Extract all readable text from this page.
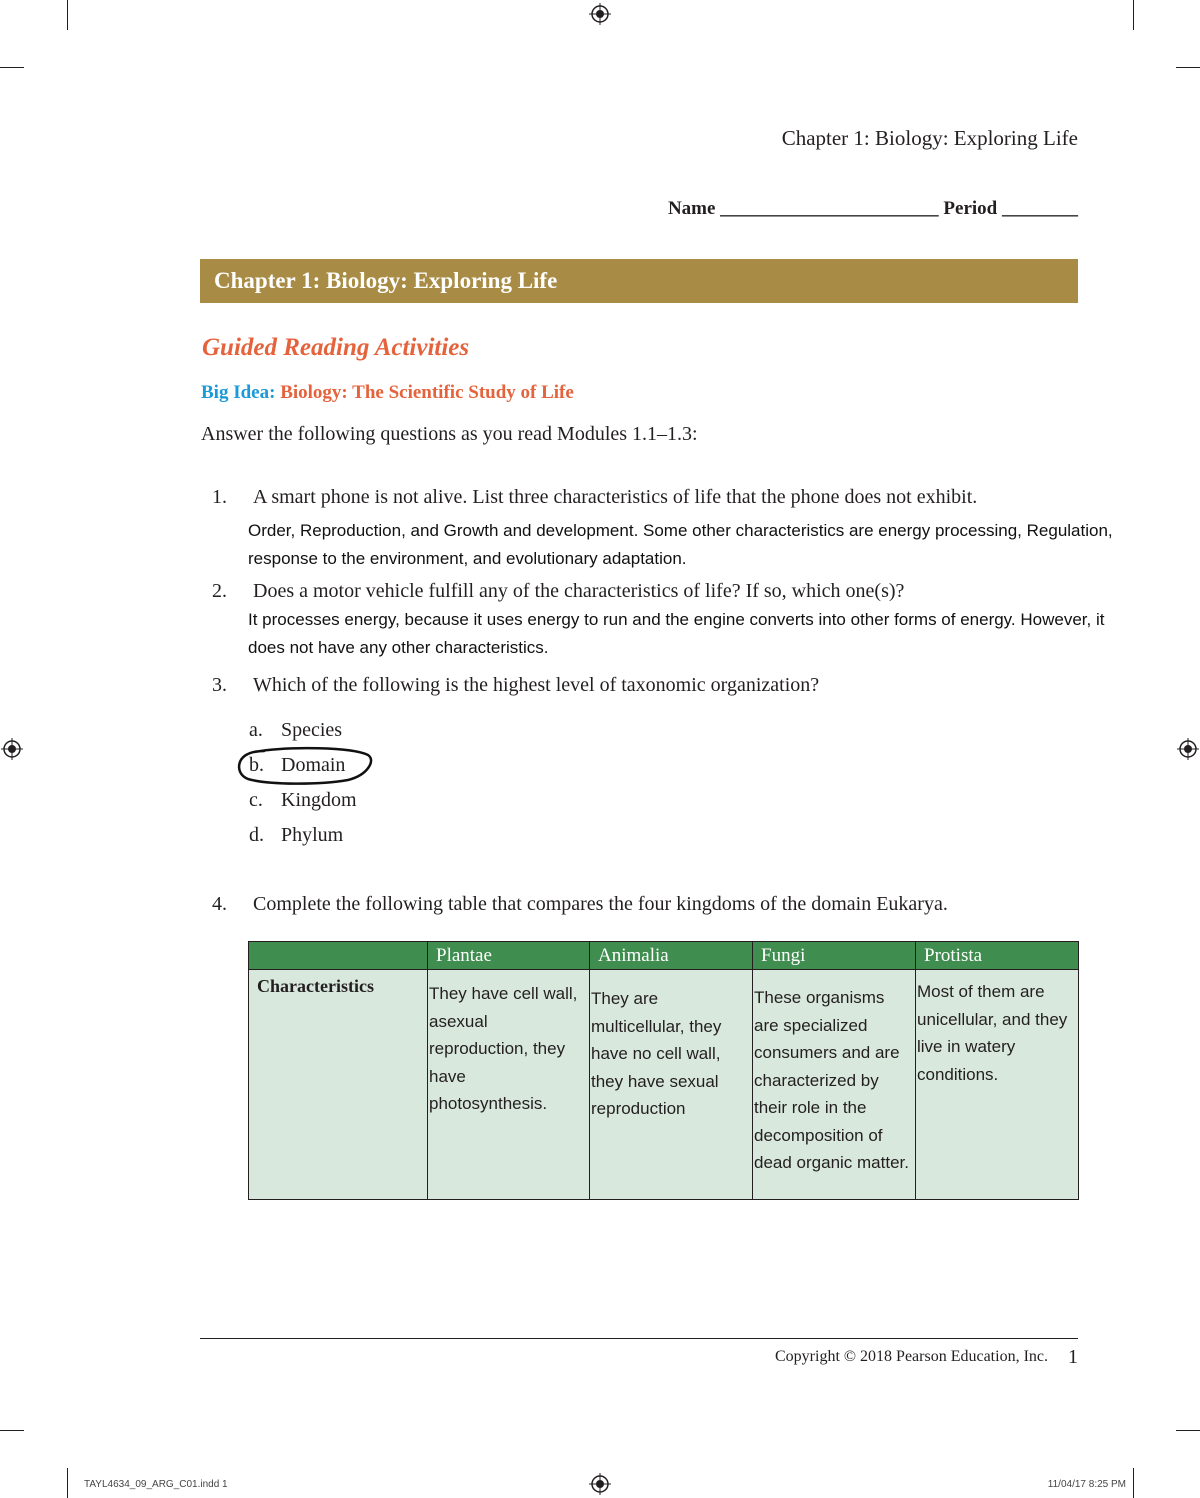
Chapter 1: Biology: Exploring Life
Name _______________________ Period ________
Chapter 1: Biology: Exploring Life
Guided Reading Activities
Big Idea: Biology: The Scientific Study of Life
Answer the following questions as you read Modules 1.1–1.3:
1. A smart phone is not alive. List three characteristics of life that the phone does not exhibit.
Order, Reproduction, and Growth and development. Some other characteristics are energy processing, Regulation,
response to the environment, and evolutionary adaptation.
2. Does a motor vehicle fulfill any of the characteristics of life? If so, which one(s)?
It processes energy, because it uses energy to run and the engine converts into other forms of energy. However, it
does not have any other characteristics.
3. Which of the following is the highest level of taxonomic organization?
a. Species
b. Domain
c. Kingdom
d. Phylum
4. Complete the following table that compares the four kingdoms of the domain Eukarya.
	Plantae	Animalia	Fungi	Protista
Characteristics	They have cell wall, asexual reproduction, they have photosynthesis.	They are multicellular, they have no cell wall, they have sexual reproduction	These organisms are specialized consumers and are characterized by their role in the decomposition of dead organic matter.	Most of them are unicellular, and they live in watery conditions.
Copyright © 2018 Pearson Education, Inc. 1
TAYL4634_09_ARG_C01.indd 1	11/04/17 8:25 PM
